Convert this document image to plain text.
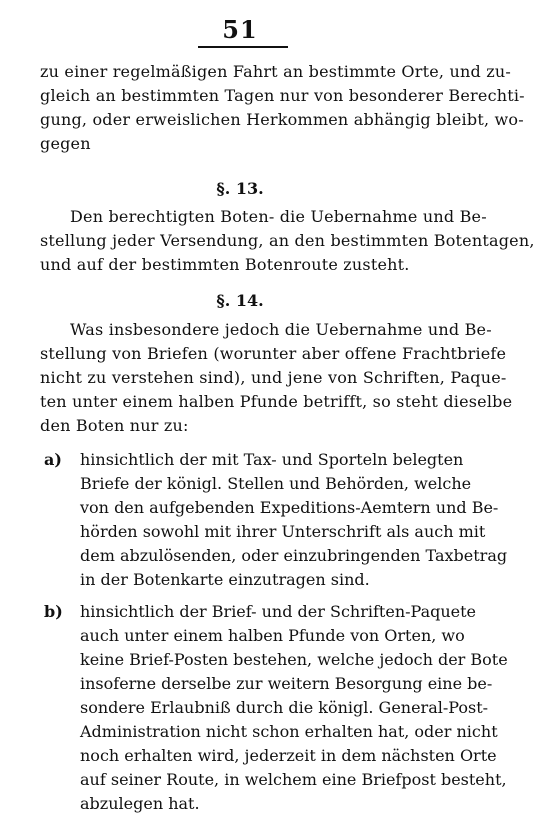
51
zu einer regelmäßigen Fahrt an bestimmte Orte, und zu-
gleich an bestimmten Tagen nur von besonderer Berechti-
gung, oder erweislichen Herkommen abhängig bleibt, wo-
gegen
§. 13.
Den berechtigten Boten- die Uebernahme und Be-
stellung jeder Versendung, an den bestimmten Botentagen,
und auf der bestimmten Botenroute zusteht.
§. 14.
Was insbesondere jedoch die Uebernahme und Be-
stellung von Briefen (worunter aber offene Frachtbriefe
nicht zu verstehen sind), und jene von Schriften, Paque-
ten unter einem halben Pfunde betrifft, so steht dieselbe
den Boten nur zu:
a) hinsichtlich der mit Tax- und Sporteln belegten
Briefe der königl. Stellen und Behörden, welche
von den aufgebenden Expeditions-Aemtern und Be-
hörden sowohl mit ihrer Unterschrift als auch mit
dem abzulösenden, oder einzubringenden Taxbetrag
in der Botenkarte einzutragen sind.
b) hinsichtlich der Brief- und der Schriften-Paquete
auch unter einem halben Pfunde von Orten, wo
keine Brief-Posten bestehen, welche jedoch der Bote
insoferne derselbe zur weitern Besorgung eine be-
sondere Erlaubniß durch die königl. General-Post-
Administration nicht schon erhalten hat, oder nicht
noch erhalten wird, jederzeit in dem nächsten Orte
auf seiner Route, in welchem eine Briefpost besteht,
abzulegen hat.
